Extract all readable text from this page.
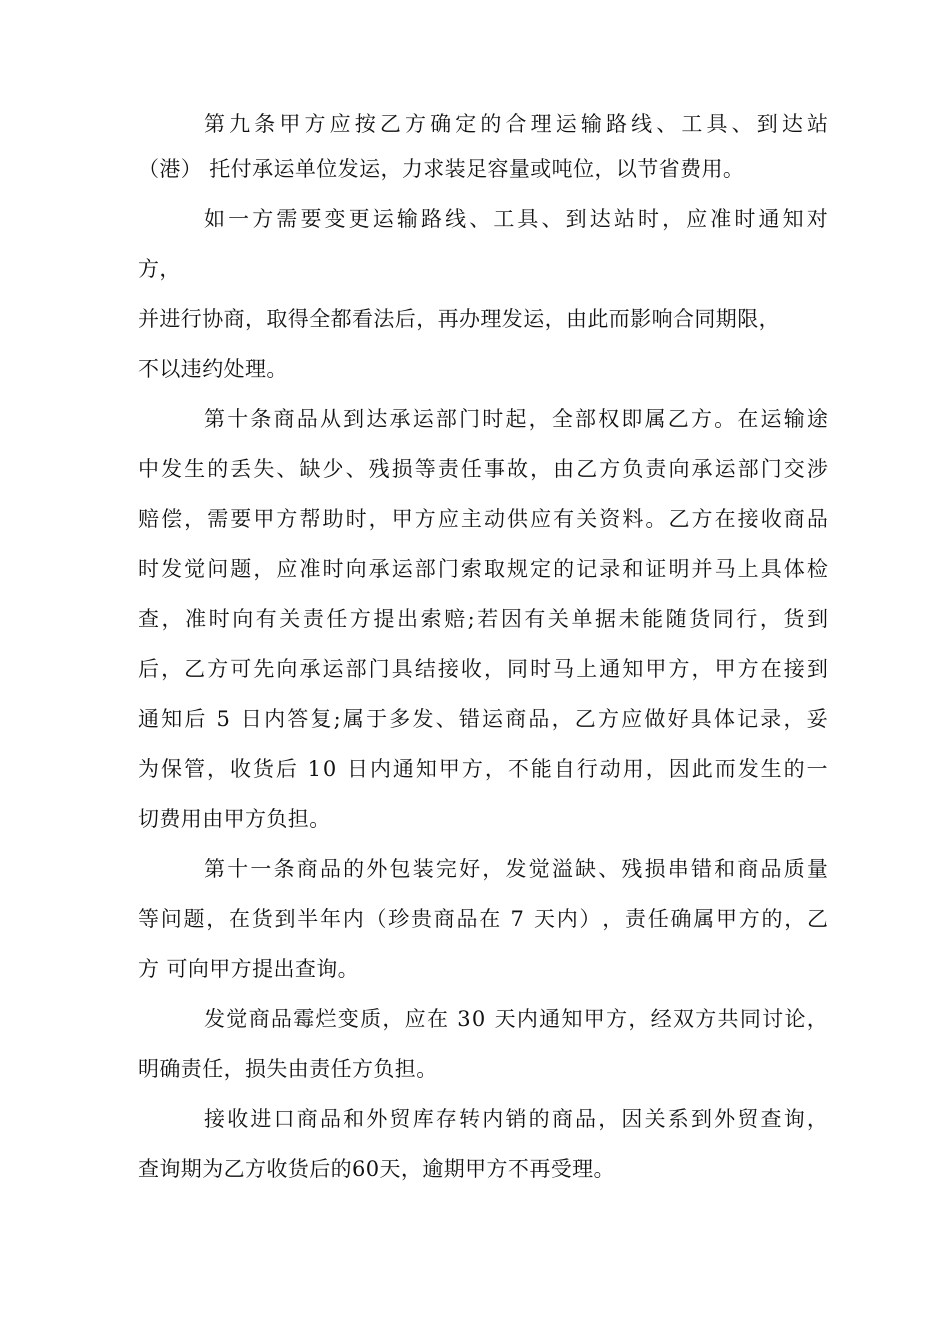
第 九 条 甲 方 应 按 乙 方 确 定 的 合 理 运 输 路 线 、 工 具 、 到 达 站
（港） 托付承运单位发运，力求装足容量或吨位，以节省费用。
如 一 方 需 要 变 更 运 输 路 线 、 工 具 、 到 达 站 时 ， 应 准 时 通 知 对
方，
并进行协商，取得全都看法后，再办理发运，由此而影响合同期限，
不以违约处理。
第 十 条 商 品 从 到 达 承 运 部 门 时 起 ， 全 部 权 即 属 乙 方 。 在 运 输 途
中 发 生 的 丢 失 、 缺 少 、 残 损 等 责 任 事 故 ， 由 乙 方 负 责 向 承 运 部 门 交 涉
赔 偿 ， 需 要 甲 方 帮 助 时 ， 甲 方 应 主 动 供 应 有 关 资 料 。 乙 方 在 接 收 商 品
时 发 觉 问 题 ， 应 准 时 向 承 运 部 门 索 取 规 定 的 记 录 和 证 明 并 马 上 具 体 检
查 ， 准 时 向 有 关 责 任 方 提 出 索 赔 ; 若 因 有 关 单 据 未 能 随 货 同 行 ， 货 到
后 ， 乙 方 可 先 向 承 运 部 门 具 结 接 收 ， 同 时 马 上 通 知 甲 方 ， 甲 方 在 接 到
通 知 后
5
日 内 答 复 ; 属 于 多 发 、 错 运 商 品 ， 乙 方 应 做 好 具 体 记 录 ， 妥
为 保 管 ， 收 货 后
1 0
日 内 通 知 甲 方 ， 不 能 自 行 动 用 ， 因 此 而 发 生 的 一
切费用由甲方负担。
第 十 一 条 商 品 的 外 包 装 完 好 ， 发 觉 溢 缺 、 残 损 串 错 和 商 品 质 量
等 问 题 ， 在 货 到 半 年 内 （ 珍 贵 商 品 在
7
天 内 ） ， 责 任 确 属 甲 方 的 ， 乙
方 可向甲方提出查询。
发 觉 商 品 霉 烂 变 质 ， 应 在
3 0
天 内 通 知 甲 方 ， 经 双 方 共 同 讨 论 ，
明确责任，损失由责任方负担。
接 收 进 口 商 品 和 外 贸 库 存 转 内 销 的 商 品 ， 因 关 系 到 外 贸 查 询 ，
查询期为乙方收货后的60天，逾期甲方不再受理。
